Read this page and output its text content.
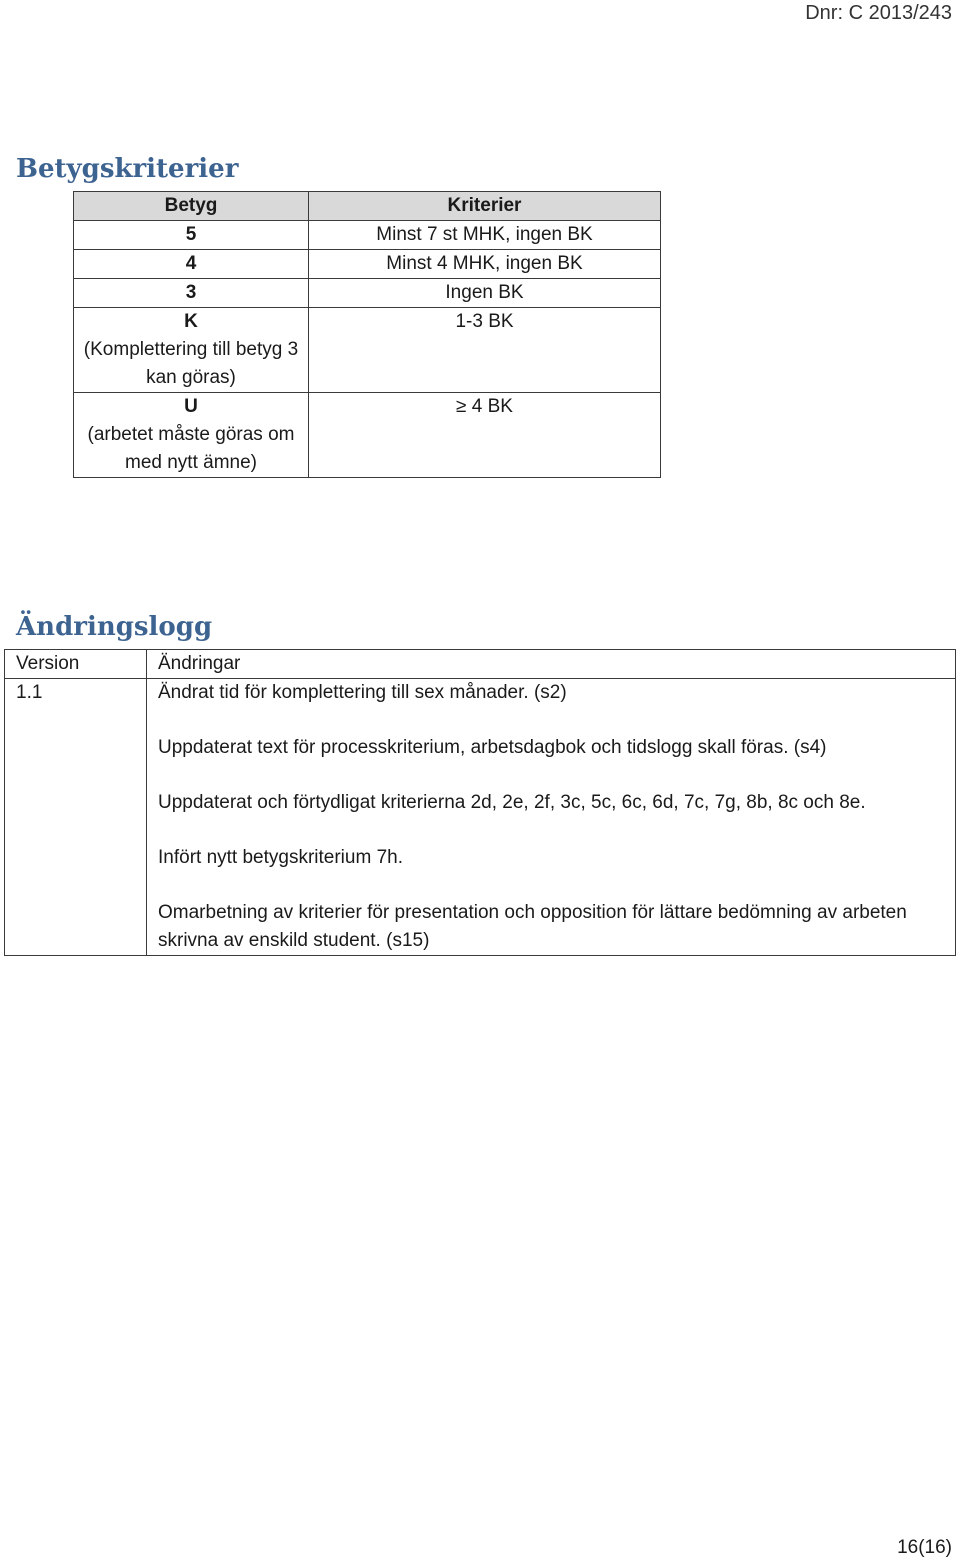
Dnr: C 2013/243
Betygskriterier
Betyg	Kriterier

5	Minst 7 st MHK, ingen BK

4	Minst 4 MHK, ingen BK

3	Ingen BK

K
(Komplettering till betyg 3 kan göras)	1-3 BK

U
(arbetet måste göras om med nytt ämne)	≥ 4 BK
Ändringslogg
Version	Ändringar
1.1	Ändrat tid för komplettering till sex månader. (s2)

Uppdaterat text för processkriterium, arbetsdagbok och tidslogg skall föras. (s4)

Uppdaterat och förtydligat kriterierna 2d, 2e, 2f, 3c, 5c, 6c, 6d, 7c, 7g, 8b, 8c och 8e.

Infört nytt betygskriterium 7h.

Omarbetning av kriterier för presentation och opposition för lättare bedömning av arbeten skrivna av enskild student. (s15)

16(16)
